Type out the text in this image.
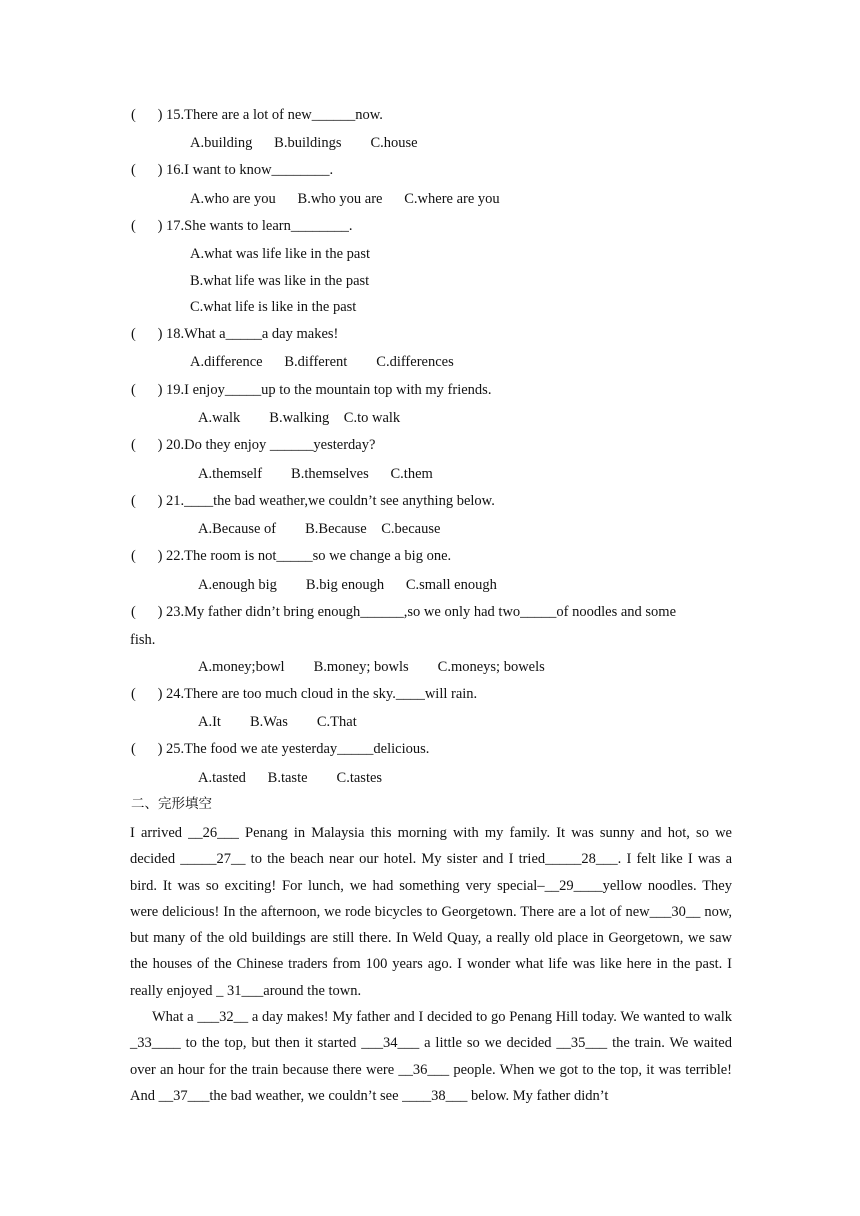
(      ) 15.There are a lot of new______now.
A.building      B.buildings        C.house
(      ) 16.I want to know________.
A.who are you      B.who you are      C.where are you
(      ) 17.She wants to learn________.
A.what was life like in the past
B.what life was like in the past
C.what life is like in the past
(      ) 18.What a_____a day makes!
A.difference      B.different        C.differences
(      ) 19.I enjoy_____up to the mountain top with my friends.
A.walk        B.walking    C.to walk
(      ) 20.Do they enjoy ______yesterday?
A.themself        B.themselves      C.them
(      ) 21.____the bad weather,we couldn’t see anything below.
A.Because of        B.Because    C.because
(      ) 22.The room is not_____so we change a big one.
A.enough big        B.big enough      C.small enough
(      ) 23.My father didn’t bring enough______,so we only had two_____of noodles and some
fish.
A.money;bowl        B.money; bowls        C.moneys; bowels
(      ) 24.There are too much cloud in the sky.____will rain.
A.It        B.Was        C.That
(      ) 25.The food we ate yesterday_____delicious.
A.tasted      B.taste        C.tastes
二、完形填空

I arrived __26___ Penang in Malaysia this morning with my family. It was sunny and hot, so we decided _____27__ to the beach near our hotel. My sister and I tried_____28___. I felt like I was a bird. It was so exciting! For lunch, we had something very special–__29____yellow noodles. They were delicious! In the afternoon, we rode bicycles to Georgetown. There are a lot of new___30__ now, but many of the old buildings are still there. In Weld Quay, a really old place in Georgetown, we saw the houses of the Chinese traders from 100 years ago. I wonder what life was like here in the past. I really enjoyed _ 31___around the town.

What a ___32__ a day makes! My father and I decided to go Penang Hill today. We wanted to walk _33____ to the top, but then it started ___34___ a little so we decided __35___ the train. We waited over an hour for the train because there were __36___ people. When we got to the top, it was terrible! And __37___the bad weather, we couldn’t see ____38___ below. My father didn’t
